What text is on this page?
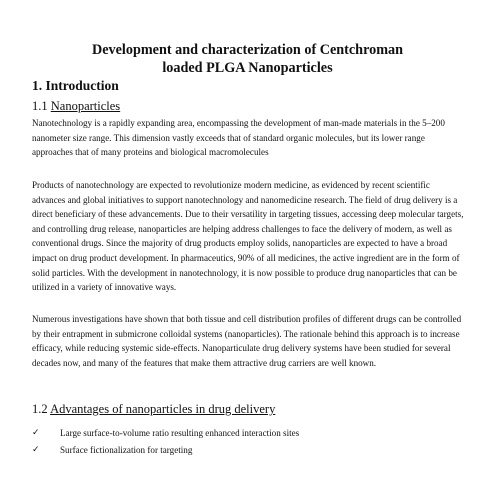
Development and characterization of Centchroman
loaded PLGA Nanoparticles
1. Introduction
1.1 Nanoparticles

Nanotechnology is a rapidly expanding area, encompassing the development of man-made materials in the 5–200 nanometer size range. This dimension vastly exceeds that of standard organic molecules, but its lower range approaches that of many proteins and biological macromolecules

Products of nanotechnology are expected to revolutionize modern medicine, as evidenced by recent scientific advances and global initiatives to support nanotechnology and nanomedicine research. The field of drug delivery is a direct beneficiary of these advancements. Due to their versatility in targeting tissues, accessing deep molecular targets, and controlling drug release, nanoparticles are helping address challenges to face the delivery of modern, as well as conventional drugs. Since the majority of drug products employ solids, nanoparticles are expected to have a broad impact on drug product development. In pharmaceutics, 90% of all medicines, the active ingredient are in the form of solid particles. With the development in nanotechnology, it is now possible to produce drug nanoparticles that can be utilized in a variety of innovative ways.

Numerous investigations have shown that both tissue and cell distribution profiles of different drugs can be controlled by their entrapment in submicrone colloidal systems (nanoparticles). The rationale behind this approach is to increase efficacy, while reducing systemic side-effects. Nanoparticulate drug delivery systems have been studied for several decades now, and many of the features that make them attractive drug carriers are well known.

1.2 Advantages of nanoparticles in drug delivery
✓	Large surface-to-volume ratio resulting enhanced interaction sites
✓	Surface fictionalization for targeting
